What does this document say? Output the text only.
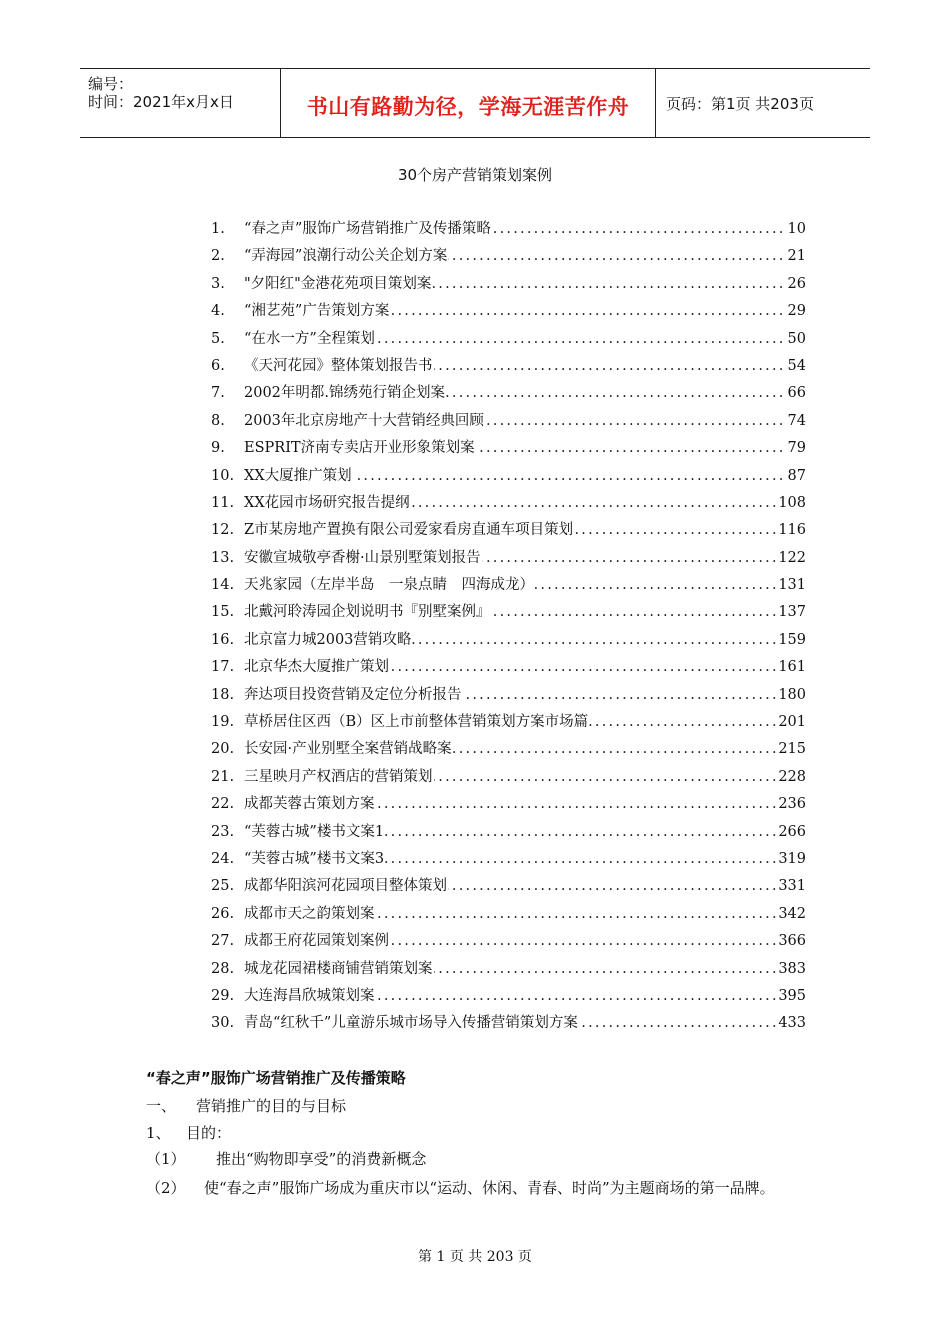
编号：
时间：2021年x月x日	书山有路勤为径，学海无涯苦作舟	页码：第1页 共203页
30个房产营销策划案例
1.	“春之声”服饰广场营销推广及传播策略 .....	10
2.	“弄海园”浪潮行动公关企划方案 .....	21
3.	"夕阳红"金港花苑项目策划案 .....	26
4.	“湘艺苑”广告策划方案 .....	29
5.	“在水一方”全程策划 .....	50
6.	《天河花园》整体策划报告书 .....	54
7.	2002年明都.锦绣苑行销企划案 .....	66
8.	2003年北京房地产十大营销经典回顾 .....	74
9.	ESPRIT济南专卖店开业形象策划案 .....	79
10. XX大厦推广策划 .....	87
11. XX花园市场研究报告提纲 .....	108
12. Z市某房地产置换有限公司爱家看房直通车项目策划 .....	116
13. 安徽宣城敬亭香榭·山景别墅策划报告 .....	122
14. 天兆家园（左岸半岛　一泉点睛　四海成龙） .....	131
15. 北戴河聆涛园企划说明书『别墅案例』 .....	137
16. 北京富力城2003营销攻略 .....	159
17. 北京华杰大厦推广策划 .....	161
18. 奔达项目投资营销及定位分析报告 .....	180
19. 草桥居住区西（B）区上市前整体营销策划方案市场篇 .....	201
20. 长安园·产业别墅全案营销战略案 .....	215
21. 三星映月产权酒店的营销策划 .....	228
22. 成都芙蓉古策划方案 .....	236
23. “芙蓉古城”楼书文案1 .....	266
24. “芙蓉古城”楼书文案3 .....	319
25. 成都华阳滨河花园项目整体策划 .....	331
26. 成都市天之韵策划案 .....	342
27. 成都王府花园策划案例 .....	366
28. 城龙花园裙楼商铺营销策划案 .....	383
29. 大连海昌欣城策划案 .....	395
30. 青岛“红秋千”儿童游乐城市场导入传播营销策划方案 .....	433
“春之声”服饰广场营销推广及传播策略
一、 营销推广的目的与目标
1、 目的：
（1） 推出“购物即享受”的消费新概念
（2） 使“春之声”服饰广场成为重庆市以“运动、休闲、青春、时尚”为主题商场的第一品牌。
第 1 页 共 203 页
